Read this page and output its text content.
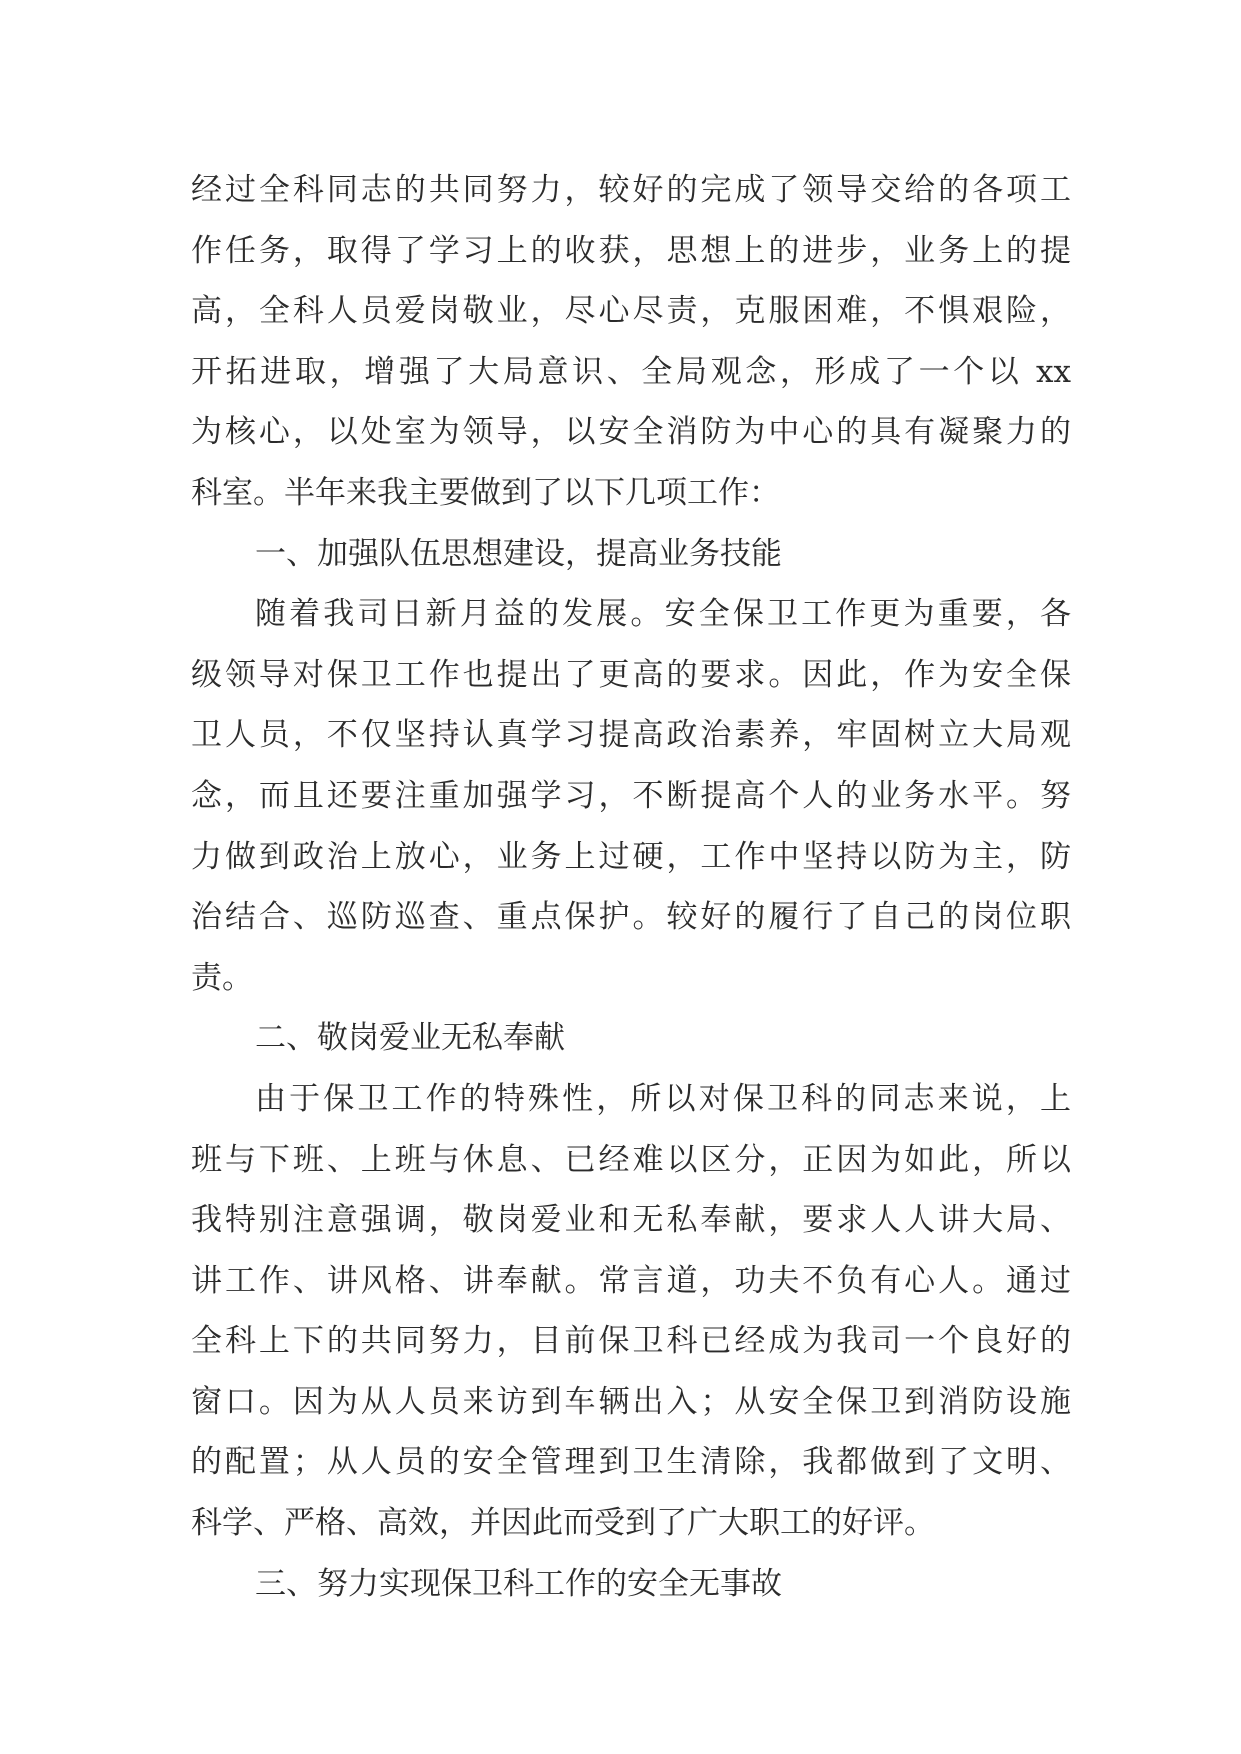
经过全科同志的共同努力，较好的完成了领导交给的各项工
作任务，取得了学习上的收获，思想上的进步，业务上的提
高，全科人员爱岗敬业，尽心尽责，克服困难，不惧艰险，
开拓进取，增强了大局意识、全局观念，形成了一个以 xx
为核心，以处室为领导，以安全消防为中心的具有凝聚力的
科室。半年来我主要做到了以下几项工作：
一、加强队伍思想建设，提高业务技能
随着我司日新月益的发展。安全保卫工作更为重要，各
级领导对保卫工作也提出了更高的要求。因此，作为安全保
卫人员，不仅坚持认真学习提高政治素养，牢固树立大局观
念，而且还要注重加强学习，不断提高个人的业务水平。努
力做到政治上放心，业务上过硬，工作中坚持以防为主，防
治结合、巡防巡查、重点保护。较好的履行了自己的岗位职
责。
二、敬岗爱业无私奉献
由于保卫工作的特殊性，所以对保卫科的同志来说，上
班与下班、上班与休息、已经难以区分，正因为如此，所以
我特别注意强调，敬岗爱业和无私奉献，要求人人讲大局、
讲工作、讲风格、讲奉献。常言道，功夫不负有心人。通过
全科上下的共同努力，目前保卫科已经成为我司一个良好的
窗口。因为从人员来访到车辆出入；从安全保卫到消防设施
的配置；从人员的安全管理到卫生清除，我都做到了文明、
科学、严格、高效，并因此而受到了广大职工的好评。
三、努力实现保卫科工作的安全无事故
